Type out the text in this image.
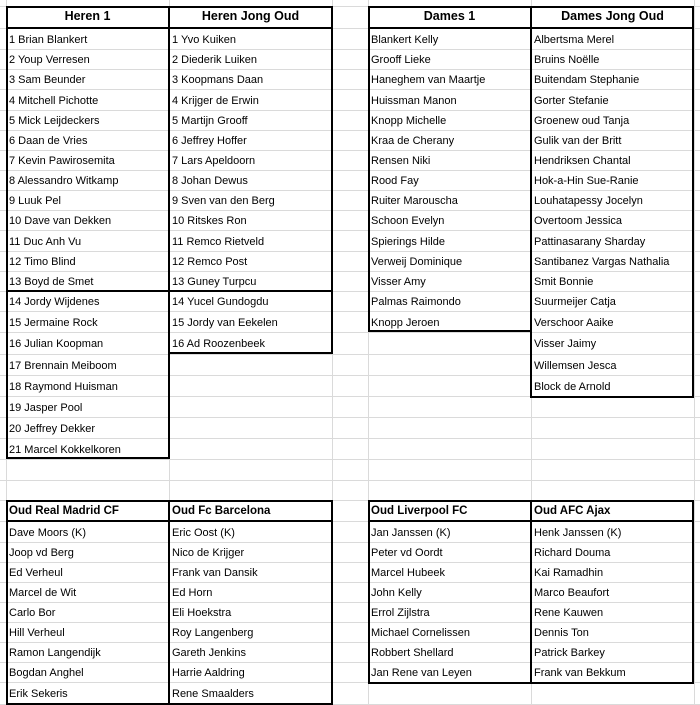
Heren 1
1 Brian Blankert
2 Youp Verresen
3 Sam Beunder
4 Mitchell Pichotte
5 Mick Leijdeckers
6 Daan de Vries
7 Kevin Pawirosemita
8 Alessandro Witkamp
9 Luuk Pel
10 Dave van Dekken
11 Duc Anh Vu
12 Timo Blind
13 Boyd de Smet
14 Jordy Wijdenes
15 Jermaine Rock
16 Julian Koopman
17 Brennain Meiboom
18 Raymond Huisman
19 Jasper Pool
20 Jeffrey Dekker
21 Marcel Kokkelkoren
Heren Jong Oud
1 Yvo Kuiken
2 Diederik Luiken
3 Koopmans Daan
4 Krijger de Erwin
5 Martijn Grooff
6 Jeffrey Hoffer
7 Lars Apeldoorn
8 Johan Dewus
9 Sven van den Berg
10 Ritskes Ron
11 Remco Rietveld
12 Remco Post
13 Guney Turpcu
14 Yucel Gundogdu
15 Jordy van Eekelen
16 Ad Roozenbeek
Dames 1
Blankert Kelly
Grooff Lieke
Haneghem van Maartje
Huissman Manon
Knopp Michelle
Kraa de Cherany
Rensen Niki
Rood Fay
Ruiter Marouscha
Schoon Evelyn
Spierings Hilde
Verweij Dominique
Visser Amy
Palmas Raimondo
Knopp Jeroen
Dames Jong Oud
Albertsma Merel
Bruins Noëlle
Buitendam Stephanie
Gorter Stefanie
Groenew oud Tanja
Gulik van der Britt
Hendriksen Chantal
Hok-a-Hin Sue-Ranie
Louhatapessy Jocelyn
Overtoom Jessica
Pattinasarany Sharday
Santibaпez Vargas Nathalia
Smit Bonnie
Suurmeijer Catja
Verschoor Aaike
Visser Jaimy
Willemsen Jesca
Block de Arnold
Oud Real Madrid CF
Dave Moors (K)
Joop vd Berg
Ed Verheul
Marcel de Wit
Carlo Bor
Hill Verheul
Ramon Langendijk
Bogdan Anghel
Erik Sekeris
Oud Fc Barcelona
Eric Oost (K)
Nico de Krijger
Frank van Dansik
Ed Horn
Eli Hoekstra
Roy Langenberg
Gareth Jenkins
Harrie Aaldring
Rene Smaalders
Oud Liverpool FC
Jan Janssen (K)
Peter vd Oordt
Marcel Hubeek
John Kelly
Errol Zijlstra
Michael Cornelissen
Robbert Shellard
Jan Rene van Leyen
Oud AFC Ajax
Henk Janssen (K)
Richard Douma
Kai Ramadhin
Marco Beaufort
Rene Kauwen
Dennis Ton
Patrick Barkey
Frank van Bekkum
